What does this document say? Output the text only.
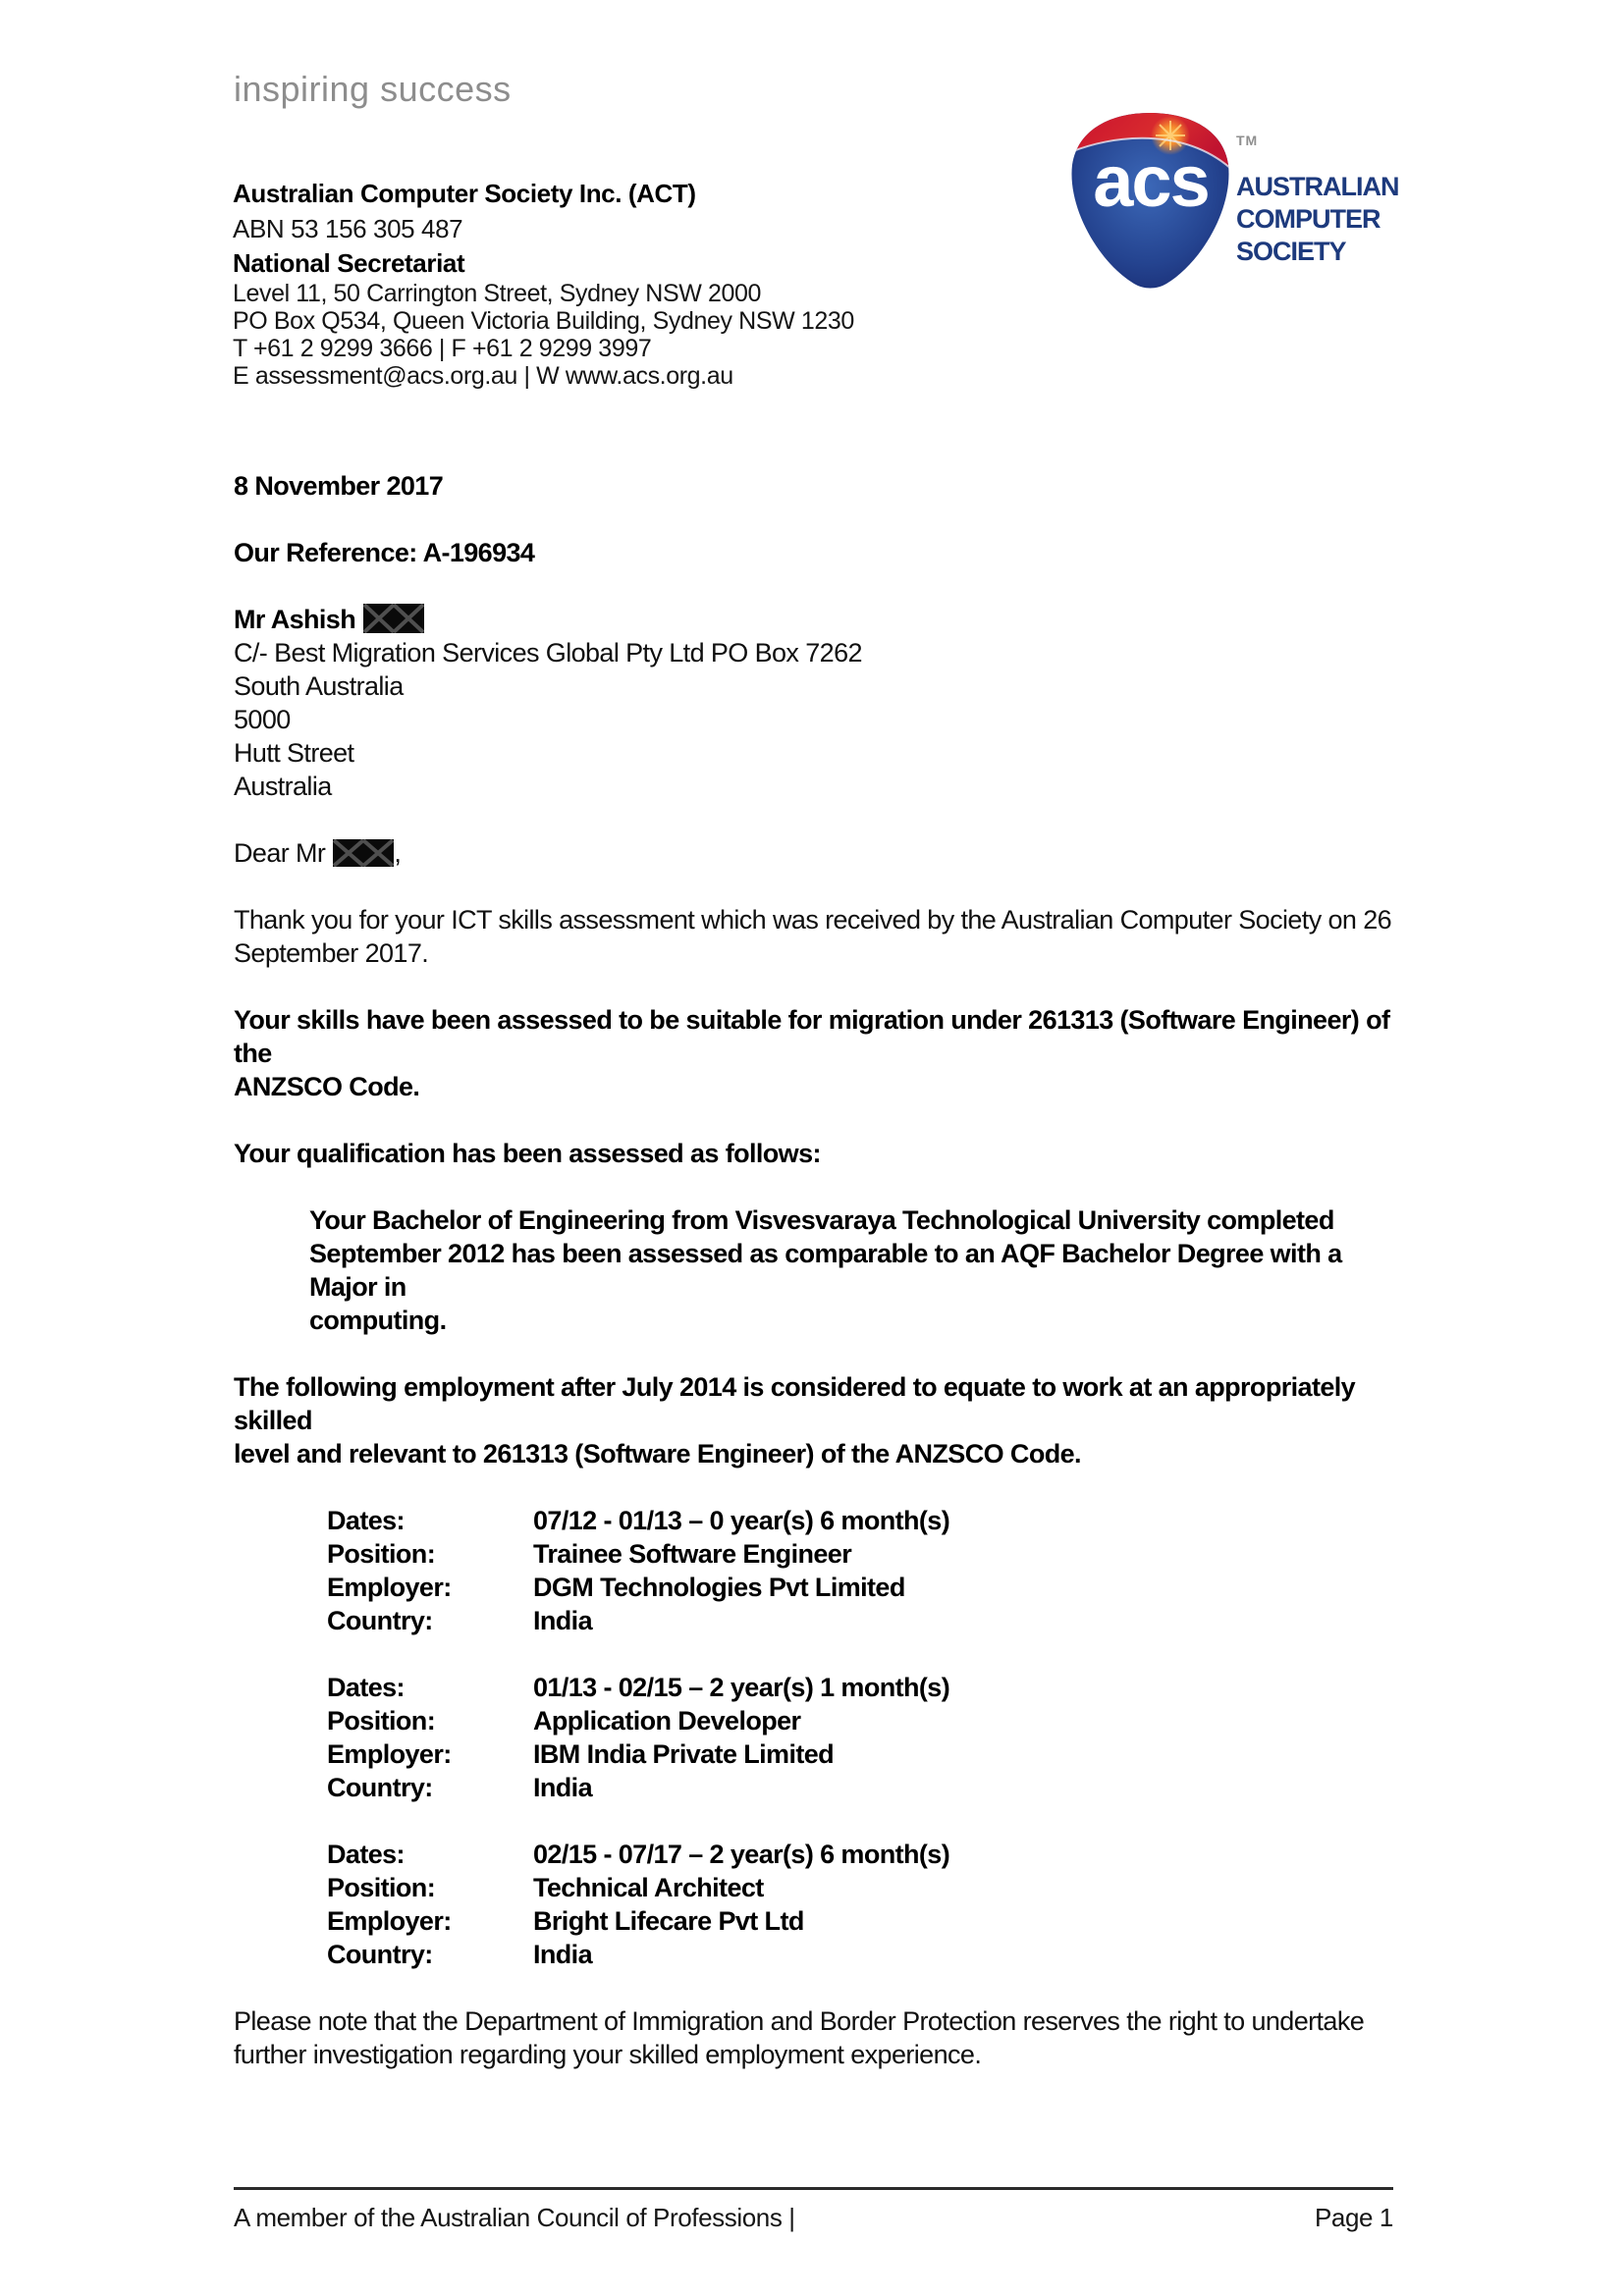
inspiring success
acs TM
AUSTRALIAN
COMPUTER
SOCIETY
Australian Computer Society Inc. (ACT)
ABN 53 156 305 487
National Secretariat
Level 11, 50 Carrington Street, Sydney NSW 2000
PO Box Q534, Queen Victoria Building, Sydney NSW 1230
T +61 2 9299 3666 | F +61 2 9299 3997
E assessment@acs.org.au | W www.acs.org.au
8 November 2017
Our Reference: A-196934
Mr Ashish
C/- Best Migration Services Global Pty Ltd PO Box 7262
South Australia
5000
Hutt Street
Australia
Dear Mr	,
Thank you for your ICT skills assessment which was received by the Australian Computer Society on 26
September 2017.
Your skills have been assessed to be suitable for migration under 261313 (Software Engineer) of the
ANZSCO Code.
Your qualification has been assessed as follows:
Your Bachelor of Engineering from Visvesvaraya Technological University completed
September 2012 has been assessed as comparable to an AQF Bachelor Degree with a Major in
computing.
The following employment after July 2014 is considered to equate to work at an appropriately skilled
level and relevant to 261313 (Software Engineer) of the ANZSCO Code.
Dates:	07/12 - 01/13 – 0 year(s) 6 month(s)
Position:	Trainee Software Engineer
Employer:	DGM Technologies Pvt Limited
Country:	India
Dates:	01/13 - 02/15 – 2 year(s) 1 month(s)
Position:	Application Developer
Employer:	IBM India Private Limited
Country:	India
Dates:	02/15 - 07/17 – 2 year(s) 6 month(s)
Position:	Technical Architect
Employer:	Bright Lifecare Pvt Ltd
Country:	India
Please note that the Department of Immigration and Border Protection reserves the right to undertake
further investigation regarding your skilled employment experience.
A member of the Australian Council of Professions |	Page 1
